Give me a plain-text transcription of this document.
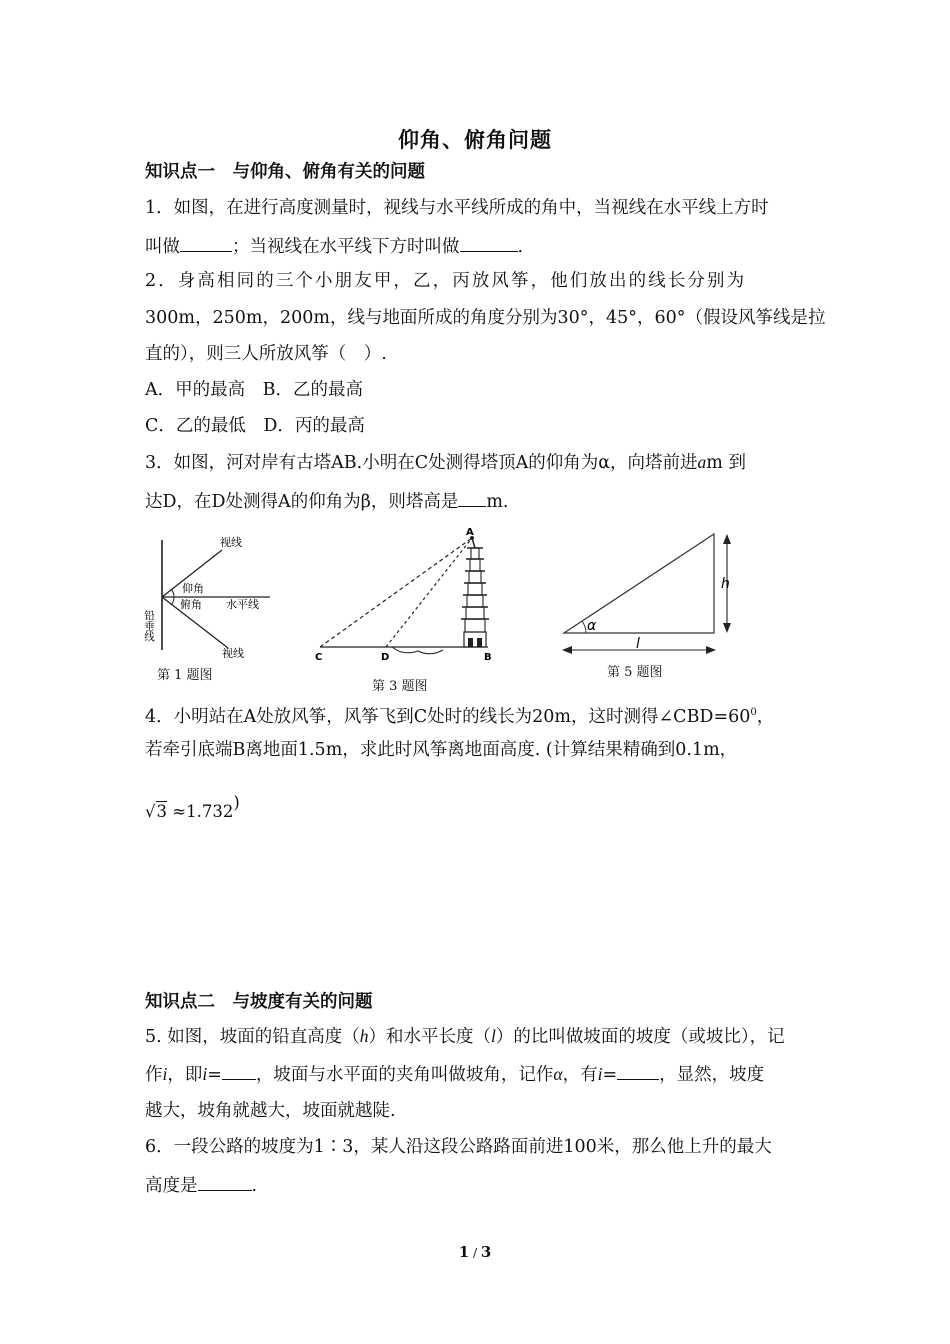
仰角、俯角问题
知识点一　与仰角、俯角有关的问题
1．如图，在进行高度测量时，视线与水平线所成的角中，当视线在水平线上方时
叫做	；当视线在水平线下方时叫做	.
2．身高相同的三个小朋友甲，乙，丙放风筝，他们放出的线长分别为
300m，250m，200m，线与地面所成的角度分别为30°，45°，60°（假设风筝线是拉
直的），则三人所放风筝（　）.
A．甲的最高　B．乙的最高
C．乙的最低　D．丙的最高
3．如图，河对岸有古塔AB.小明在C处测得塔顶A的仰角为α，向塔前进am 到
达D，在D处测得A的仰角为β，则塔高是 m.
视线
视线
仰角
俯角 水平线
铅垂线
第 1 题图
A
B
C	D
第 3 题图
h
l
α
第 5 题图
4．小明站在A处放风筝，风筝飞到C处时的线长为20m，这时测得$\angle CBD=60^0$，
若牵引底端B离地面1.5m，求此时风筝离地面高度. (计算结果精确到0.1m，
√3 ≈1.732)
知识点二　与坡度有关的问题
5. 如图，坡面的铅直高度（h）和水平长度（l）的比叫做坡面的坡度（或坡比），记
作i，即i= ，坡面与水平面的夹角叫做坡角，记作α，有i= ，显然，坡度
越大，坡角就越大，坡面就越陡.
6．一段公路的坡度为1∶3，某人沿这段公路路面前进100米，那么他上升的最大
高度是	.
1 / 3
